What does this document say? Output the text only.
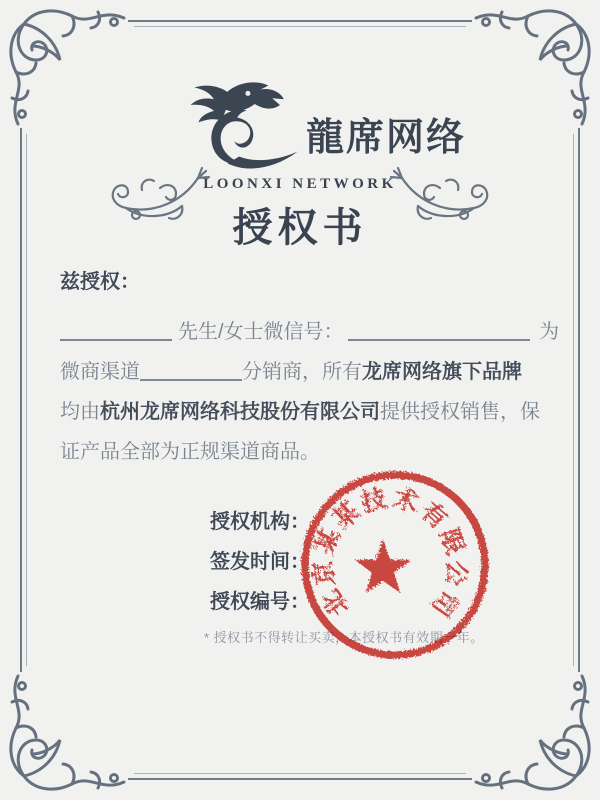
龍席网络
LOONXI NETWORK
授权书
兹授权：
先生/女士微信号：	为
微商渠道	分销商，所有龙席网络旗下品牌
均由杭州龙席网络科技股份有限公司提供授权销售，保
证产品全部为正规渠道商品。
授权机构：
签发时间：
授权编号：
* 授权书不得转让买卖，本授权书有效期一年。
北
京
某
某
技 术
有
限
公
司
